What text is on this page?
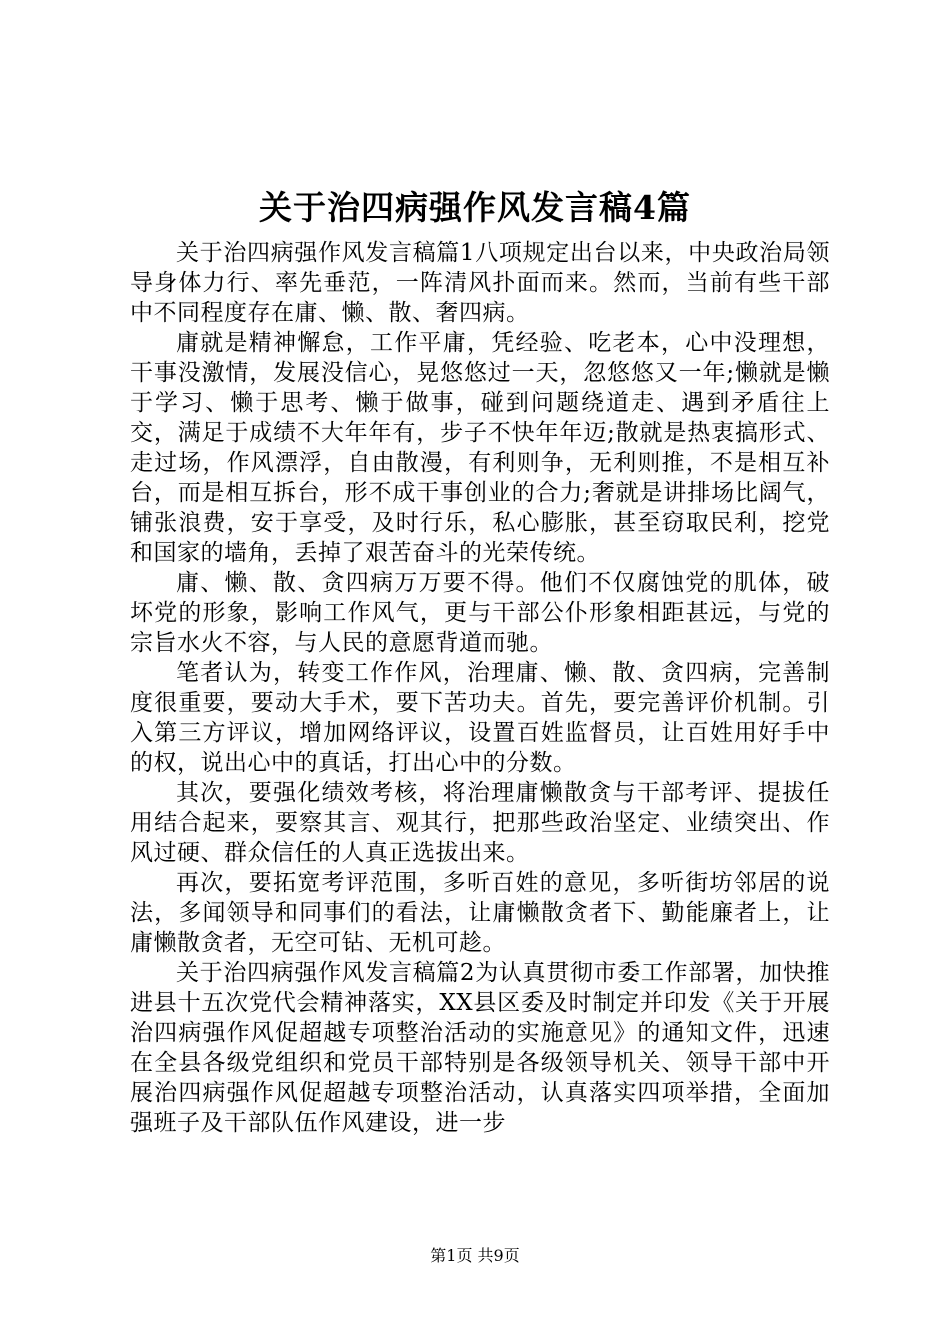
关于治四病强作风发言稿4篇

关于治四病强作风发言稿篇1八项规定出台以来，中央政治局领导身体力行、率先垂范，一阵清风扑面而来。然而，当前有些干部中不同程度存在庸、懒、散、奢四病。

庸就是精神懈怠，工作平庸，凭经验、吃老本，心中没理想，干事没激情，发展没信心，晃悠悠过一天，忽悠悠又一年;懒就是懒于学习、懒于思考、懒于做事，碰到问题绕道走、遇到矛盾往上交，满足于成绩不大年年有，步子不快年年迈;散就是热衷搞形式、走过场，作风漂浮，自由散漫，有利则争，无利则推，不是相互补台，而是相互拆台，形不成干事创业的合力;奢就是讲排场比阔气，铺张浪费，安于享受，及时行乐，私心膨胀，甚至窃取民利，挖党和国家的墙角，丢掉了艰苦奋斗的光荣传统。

庸、懒、散、贪四病万万要不得。他们不仅腐蚀党的肌体，破坏党的形象，影响工作风气，更与干部公仆形象相距甚远，与党的宗旨水火不容，与人民的意愿背道而驰。

笔者认为，转变工作作风，治理庸、懒、散、贪四病，完善制度很重要，要动大手术，要下苦功夫。首先，要完善评价机制。引入第三方评议，增加网络评议，设置百姓监督员，让百姓用好手中的权，说出心中的真话，打出心中的分数。

其次，要强化绩效考核，将治理庸懒散贪与干部考评、提拔任用结合起来，要察其言、观其行，把那些政治坚定、业绩突出、作风过硬、群众信任的人真正选拔出来。

再次，要拓宽考评范围，多听百姓的意见，多听街坊邻居的说法，多闻领导和同事们的看法，让庸懒散贪者下、勤能廉者上，让庸懒散贪者，无空可钻、无机可趁。

关于治四病强作风发言稿篇2为认真贯彻市委工作部署，加快推进县十五次党代会精神落实，XX县区委及时制定并印发《关于开展治四病强作风促超越专项整治活动的实施意见》的通知文件，迅速在全县各级党组织和党员干部特别是各级领导机关、领导干部中开展治四病强作风促超越专项整治活动，认真落实四项举措，全面加强班子及干部队伍作风建设，进一步

第1页 共9页
